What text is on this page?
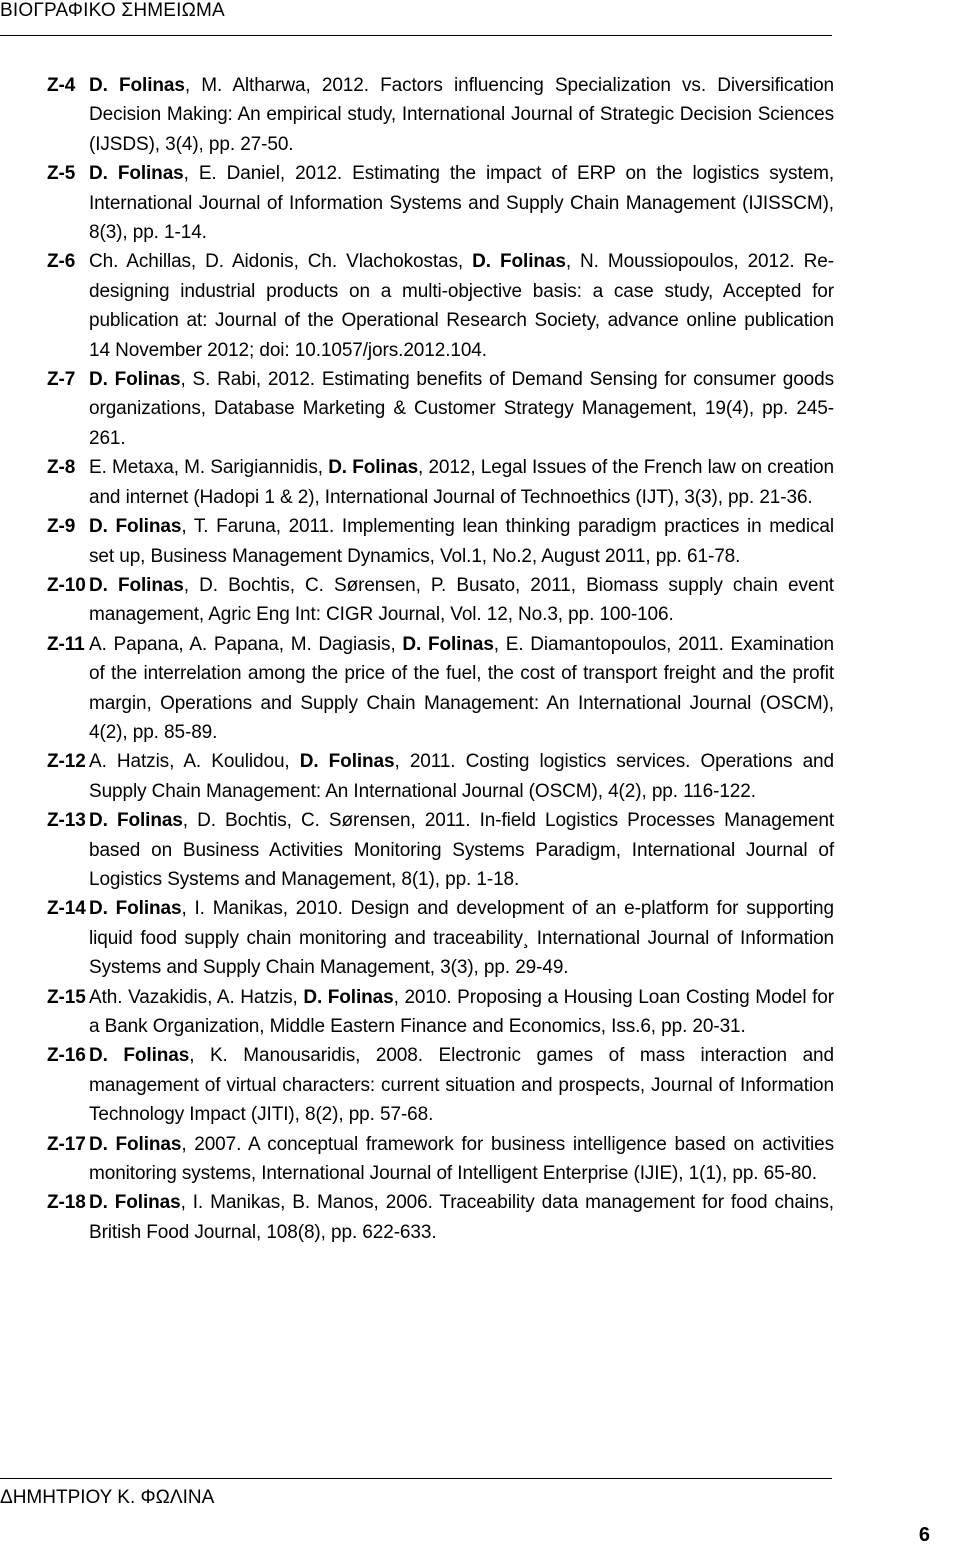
ΒΙΟΓΡΑΦΙΚΟ ΣΗΜΕΙΩΜΑ
Z-4 D. Folinas, M. Altharwa, 2012. Factors influencing Specialization vs. Diversification Decision Making: An empirical study, International Journal of Strategic Decision Sciences (IJSDS), 3(4), pp. 27-50.
Z-5 D. Folinas, E. Daniel, 2012. Estimating the impact of ERP on the logistics system, International Journal of Information Systems and Supply Chain Management (IJISSCM), 8(3), pp. 1-14.
Z-6 Ch. Achillas, D. Aidonis, Ch. Vlachokostas, D. Folinas, N. Moussiopoulos, 2012. Re-designing industrial products on a multi-objective basis: a case study, Accepted for publication at: Journal of the Operational Research Society, advance online publication 14 November 2012; doi: 10.1057/jors.2012.104.
Z-7 D. Folinas, S. Rabi, 2012. Estimating benefits of Demand Sensing for consumer goods organizations, Database Marketing & Customer Strategy Management, 19(4), pp. 245-261.
Z-8 E. Metaxa, M. Sarigiannidis, D. Folinas, 2012, Legal Issues of the French law on creation and internet (Hadopi 1 & 2), International Journal of Technoethics (IJT), 3(3), pp. 21-36.
Z-9 D. Folinas, T. Faruna, 2011. Implementing lean thinking paradigm practices in medical set up, Business Management Dynamics, Vol.1, No.2, August 2011, pp. 61-78.
Z-10 D. Folinas, D. Bochtis, C. Sørensen, P. Busato, 2011, Biomass supply chain event management, Agric Eng Int: CIGR Journal, Vol. 12, No.3, pp. 100-106.
Z-11 A. Papana, A. Papana, M. Dagiasis, D. Folinas, E. Diamantopoulos, 2011. Examination of the interrelation among the price of the fuel, the cost of transport freight and the profit margin, Operations and Supply Chain Management: An International Journal (OSCM), 4(2), pp. 85-89.
Z-12 A. Hatzis, A. Koulidou, D. Folinas, 2011. Costing logistics services. Operations and Supply Chain Management: An International Journal (OSCM), 4(2), pp. 116-122.
Z-13 D. Folinas, D. Bochtis, C. Sørensen, 2011. In-field Logistics Processes Management based on Business Activities Monitoring Systems Paradigm, International Journal of Logistics Systems and Management, 8(1), pp. 1-18.
Z-14 D. Folinas, I. Manikas, 2010. Design and development of an e-platform for supporting liquid food supply chain monitoring and traceability¸ International Journal of Information Systems and Supply Chain Management, 3(3), pp. 29-49.
Z-15 Ath. Vazakidis, A. Hatzis, D. Folinas, 2010. Proposing a Housing Loan Costing Model for a Bank Organization, Middle Eastern Finance and Economics, Iss.6, pp. 20-31.
Z-16 D. Folinas, K. Manousaridis, 2008. Electronic games of mass interaction and management of virtual characters: current situation and prospects, Journal of Information Technology Impact (JITI), 8(2), pp. 57-68.
Z-17 D. Folinas, 2007. A conceptual framework for business intelligence based on activities monitoring systems, International Journal of Intelligent Enterprise (IJIE), 1(1), pp. 65-80.
Z-18 D. Folinas, I. Manikas, B. Manos, 2006. Traceability data management for food chains, British Food Journal, 108(8), pp. 622-633.
ΔΗΜΗΤΡΙΟΥ Κ. ΦΩΛΙΝΑ
6
